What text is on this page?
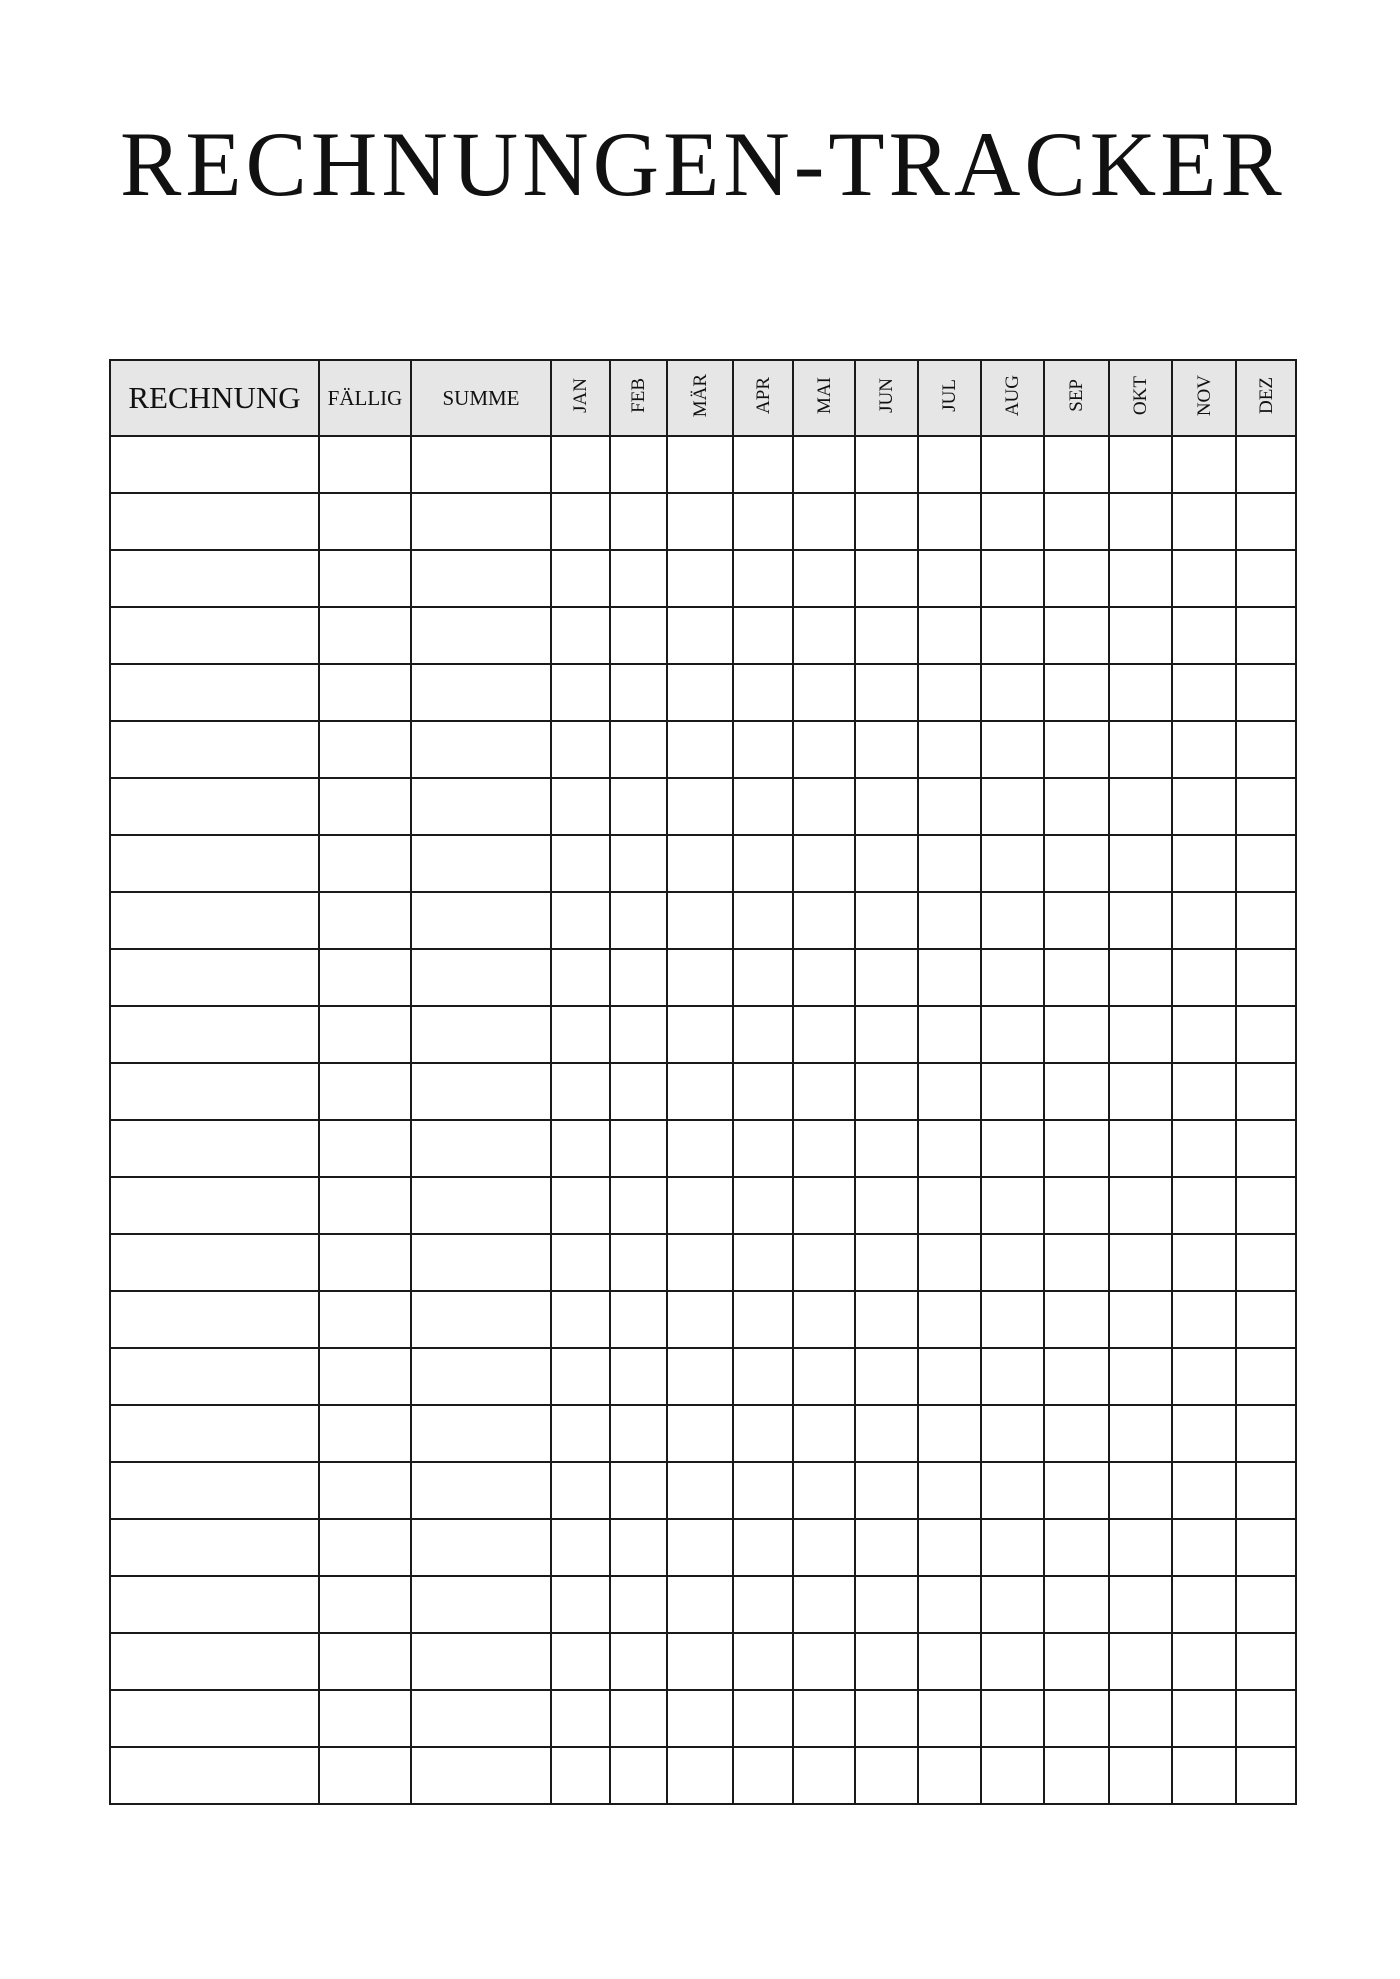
RECHNUNGEN-TRACKER
RECHNUNG	FÄLLIG	SUMME	JAN	FEB	MÄR	APR	MAI	JUN	JUL	AUG	SEP	OKT	NOV	DEZ
